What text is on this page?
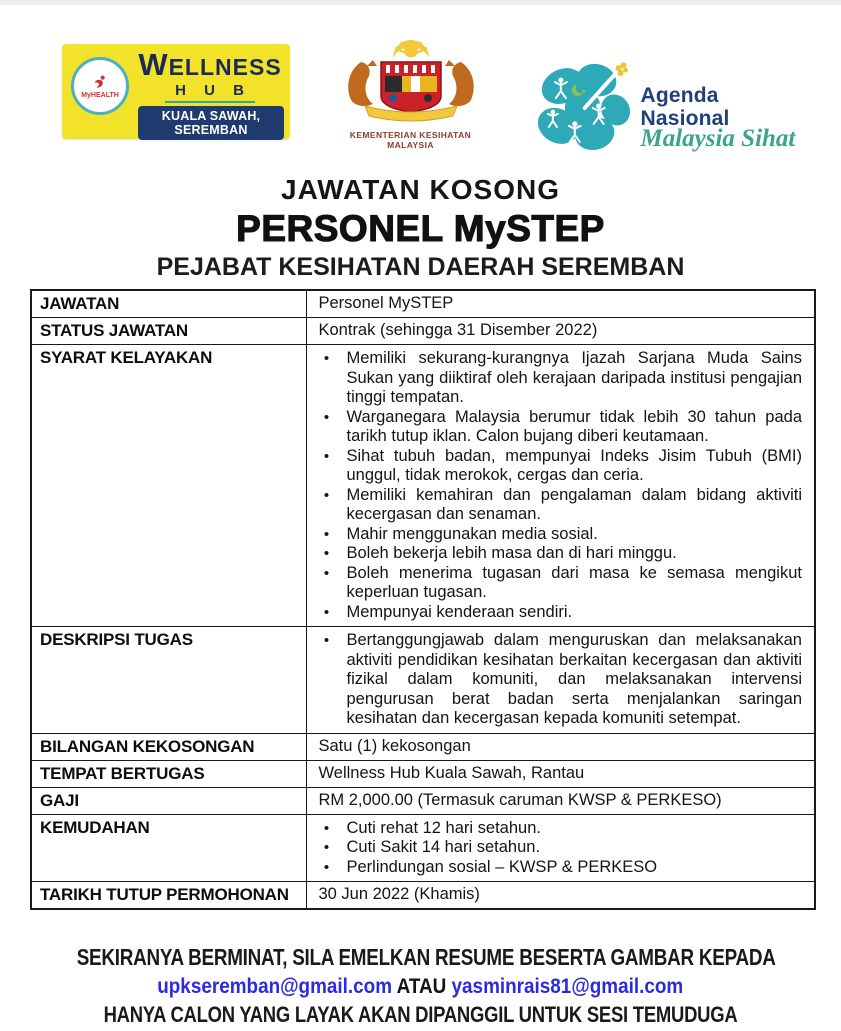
MyHEALTH
WELLNESS
H U B
KUALA SAWAH, SEREMBAN	KEMENTERIAN KESIHATAN MALAYSIA
Agenda Nasional
Malaysia Sihat
JAWATAN KOSONG
PERSONEL MySTEP
PEJABAT KESIHATAN DAERAH SEREMBAN
JAWATAN	Personel MySTEP
STATUS JAWATAN	Kontrak (sehingga 31 Disember 2022)
SYARAT KELAYAKAN	•	Memiliki sekurang-kurangnya Ijazah Sarjana Muda Sains Sukan yang diiktiraf oleh kerajaan daripada institusi pengajian tinggi tempatan.
•	Warganegara Malaysia berumur tidak lebih 30 tahun pada tarikh tutup iklan. Calon bujang diberi keutamaan.
•	Sihat tubuh badan, mempunyai Indeks Jisim Tubuh (BMI) unggul, tidak merokok, cergas dan ceria.
•	Memiliki kemahiran dan pengalaman dalam bidang aktiviti kecergasan dan senaman.
•	Mahir menggunakan media sosial.
•	Boleh bekerja lebih masa dan di hari minggu.
•	Boleh menerima tugasan dari masa ke semasa mengikut keperluan tugasan.
•	Mempunyai kenderaan sendiri.

DESKRIPSI TUGAS	• Bertanggungjawab dalam menguruskan dan melaksanakan aktiviti pendidikan kesihatan berkaitan kecergasan dan aktiviti fizikal dalam komuniti, dan melaksanakan intervensi pengurusan berat badan serta menjalankan saringan kesihatan dan kecergasan kepada komuniti setempat.

BILANGAN KEKOSONGAN	Satu (1) kekosongan
TEMPAT BERTUGAS	Wellness Hub Kuala Sawah, Rantau
GAJI	RM 2,000.00 (Termasuk caruman KWSP & PERKESO)
KEMUDAHAN	•	Cuti rehat 12 hari setahun.
•	Cuti Sakit 14 hari setahun.
•	Perlindungan sosial – KWSP & PERKESO

TARIKH TUTUP PERMOHONAN	30 Jun 2022 (Khamis)
SEKIRANYA BERMINAT, SILA EMELKAN RESUME BESERTA GAMBAR KEPADA
upkseremban@gmail.com ATAU yasminrais81@gmail.com
HANYA CALON YANG LAYAK AKAN DIPANGGIL UNTUK SESI TEMUDUGA
